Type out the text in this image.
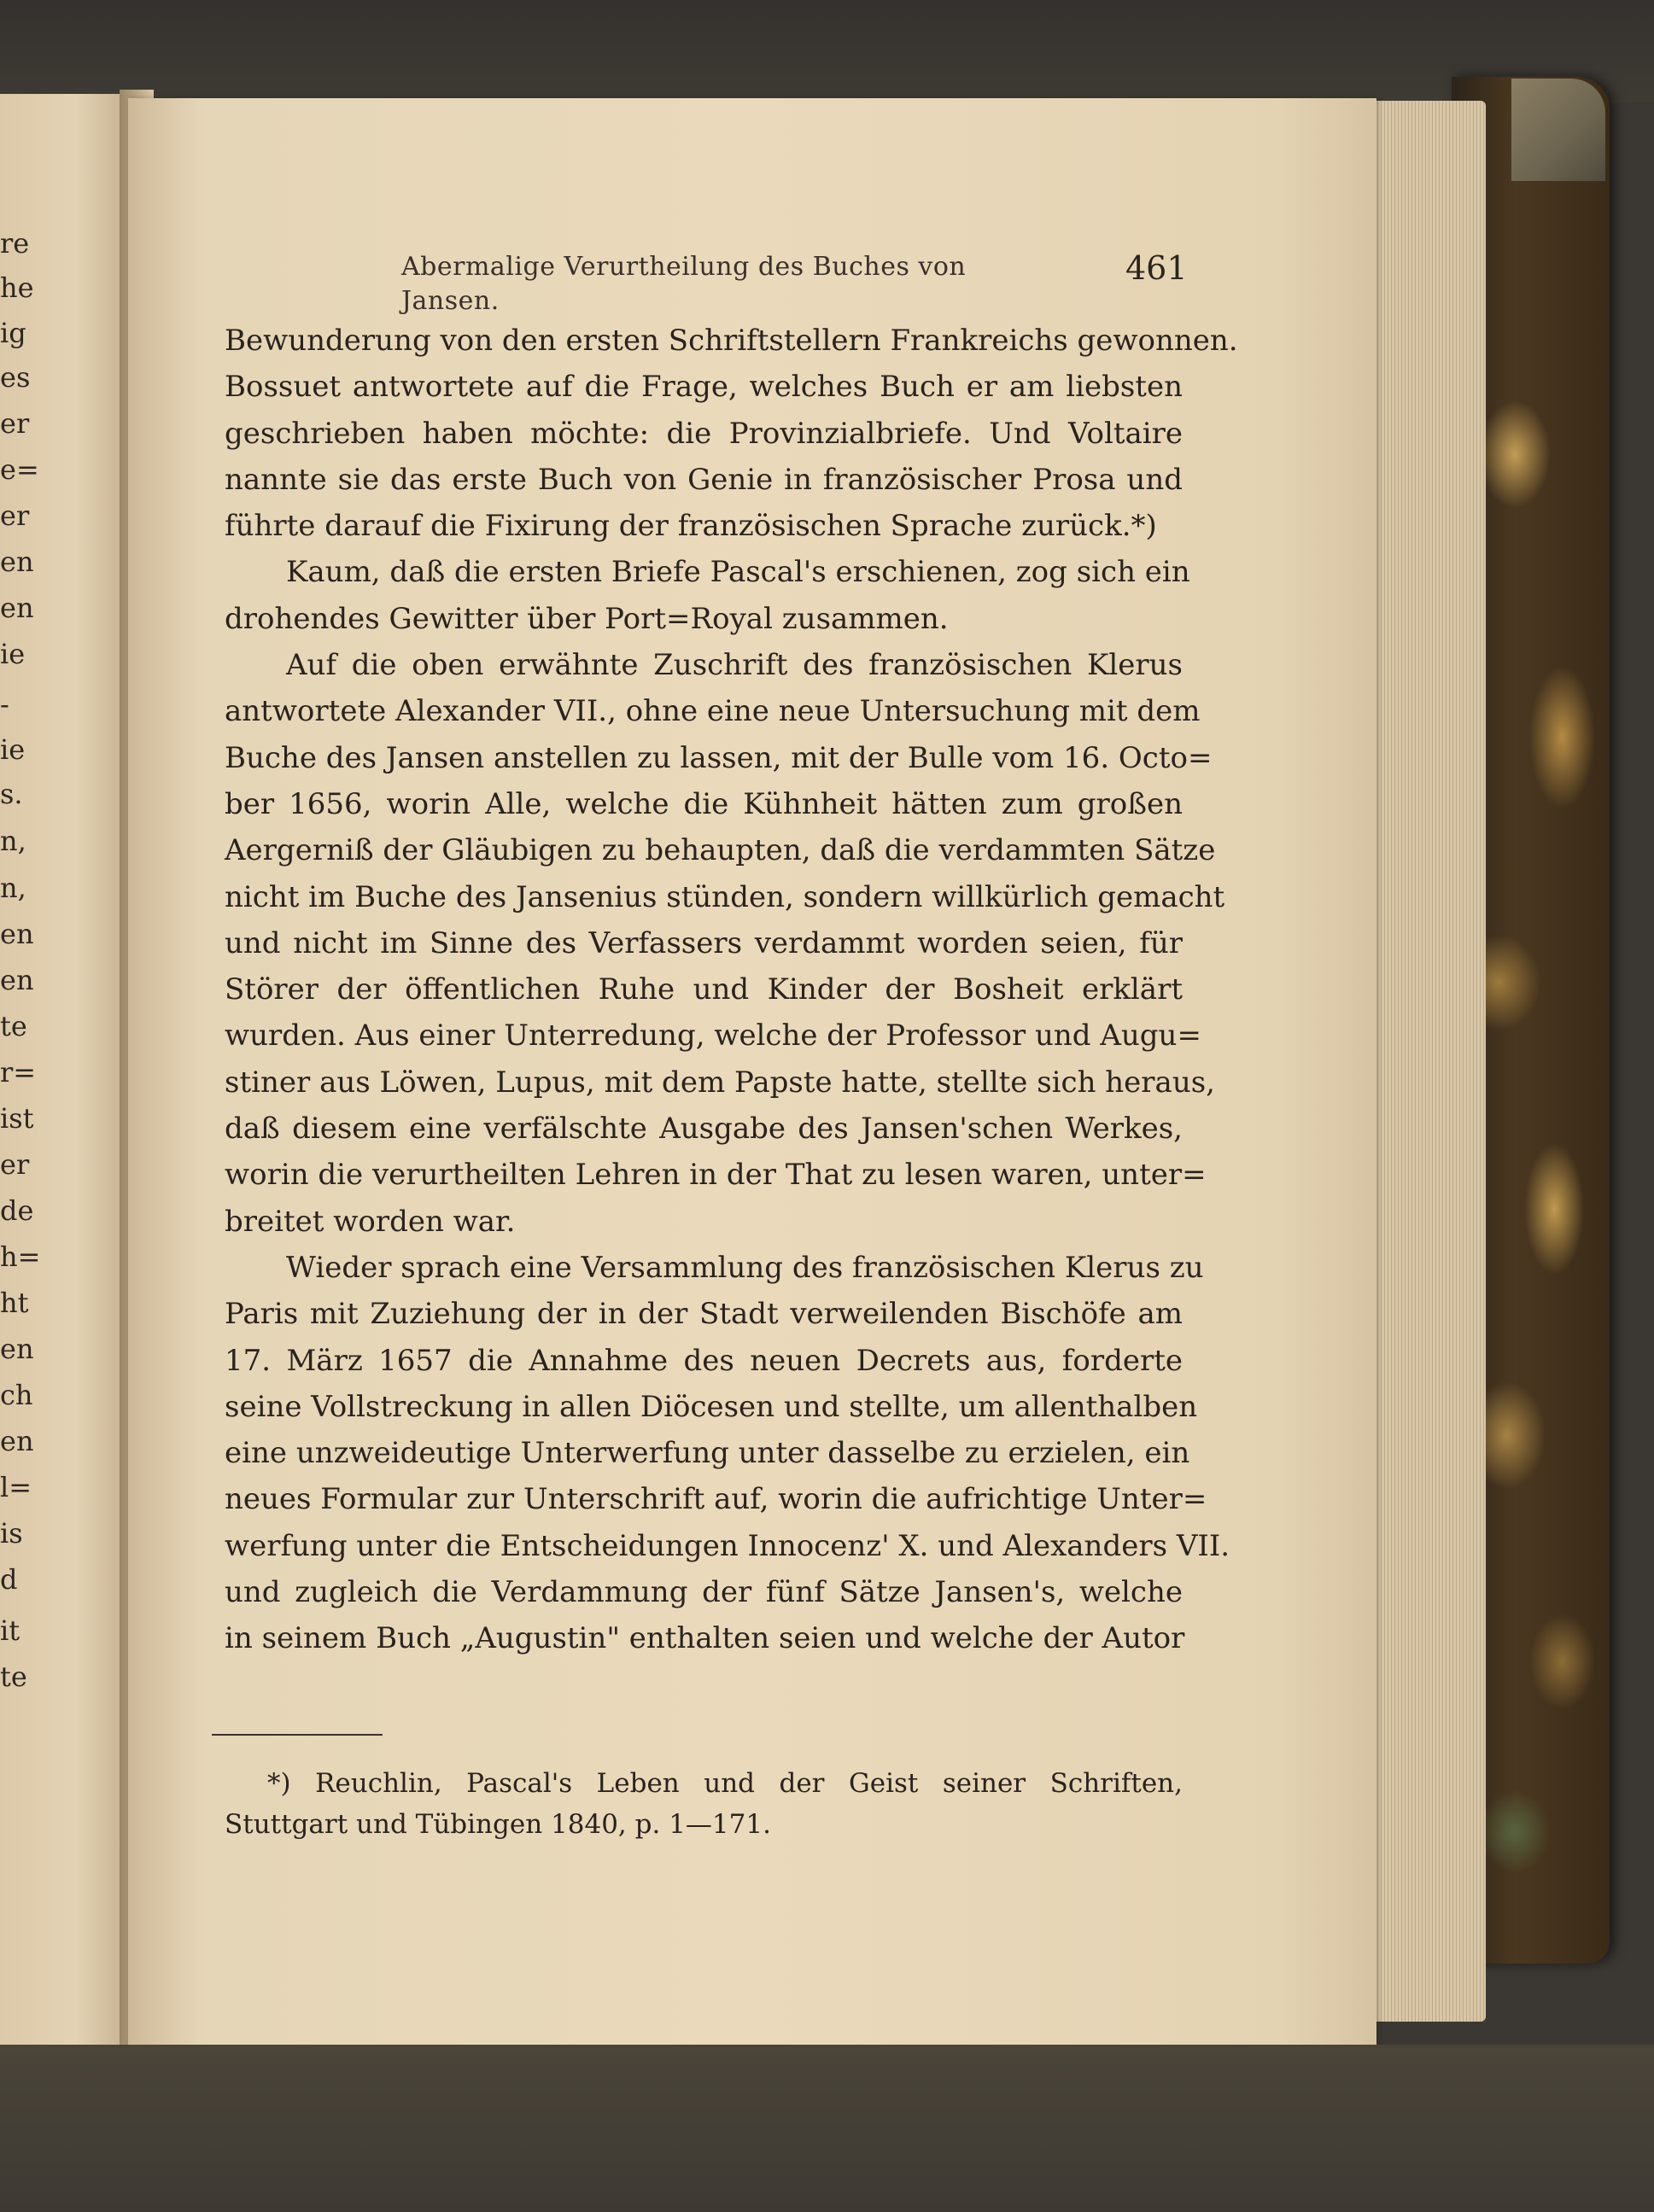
re
he
ig
es
er
e=
er
en
en
ie
-
ie
s.
n,
n,
en
en
te
r=
ist
er
de
h=
ht
en
ch
en
l=
is
d
it
te
Abermalige Verurtheilung des Buches von Jansen.
461
Bewunderung von den ersten Schriftstellern Frankreichs gewonnen.
Bossuet antwortete auf die Frage, welches Buch er am liebsten
geschrieben haben möchte: die Provinzialbriefe. Und Voltaire
nannte sie das erste Buch von Genie in französischer Prosa und
führte darauf die Fixirung der französischen Sprache zurück.*)
Kaum, daß die ersten Briefe Pascal's erschienen, zog sich ein
drohendes Gewitter über Port=Royal zusammen.
Auf die oben erwähnte Zuschrift des französischen Klerus
antwortete Alexander VII., ohne eine neue Untersuchung mit dem
Buche des Jansen anstellen zu lassen, mit der Bulle vom 16. Octo=
ber 1656, worin Alle, welche die Kühnheit hätten zum großen
Aergerniß der Gläubigen zu behaupten, daß die verdammten Sätze
nicht im Buche des Jansenius stünden, sondern willkürlich gemacht
und nicht im Sinne des Verfassers verdammt worden seien, für
Störer der öffentlichen Ruhe und Kinder der Bosheit erklärt
wurden. Aus einer Unterredung, welche der Professor und Augu=
stiner aus Löwen, Lupus, mit dem Papste hatte, stellte sich heraus,
daß diesem eine verfälschte Ausgabe des Jansen'schen Werkes,
worin die verurtheilten Lehren in der That zu lesen waren, unter=
breitet worden war.
Wieder sprach eine Versammlung des französischen Klerus zu
Paris mit Zuziehung der in der Stadt verweilenden Bischöfe am
17. März 1657 die Annahme des neuen Decrets aus, forderte
seine Vollstreckung in allen Diöcesen und stellte, um allenthalben
eine unzweideutige Unterwerfung unter dasselbe zu erzielen, ein
neues Formular zur Unterschrift auf, worin die aufrichtige Unter=
werfung unter die Entscheidungen Innocenz' X. und Alexanders VII.
und zugleich die Verdammung der fünf Sätze Jansen's, welche
in seinem Buch „Augustin" enthalten seien und welche der Autor
*) Reuchlin, Pascal's Leben und der Geist seiner Schriften,
Stuttgart und Tübingen 1840, p. 1—171.
